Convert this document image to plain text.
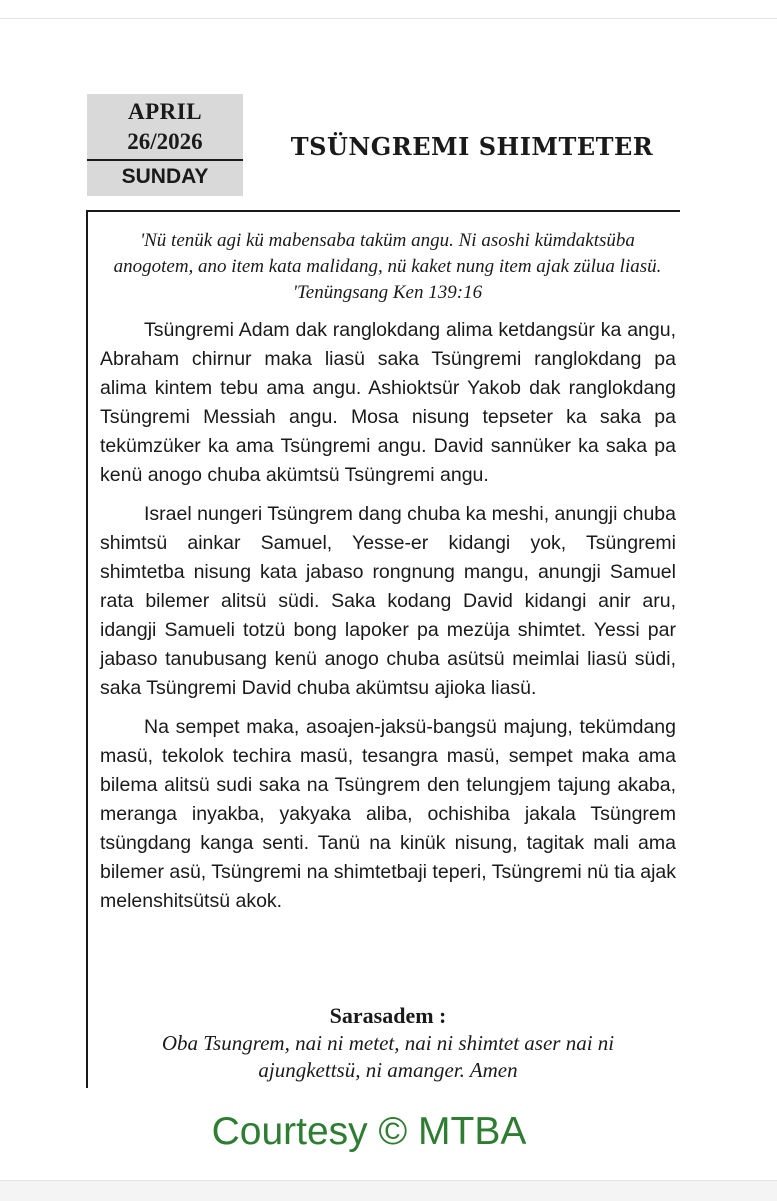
APRIL
26/2026
SUNDAY
TSÜNGREMI SHIMTETER
'Nü tenük agi kü mabensaba taküm angu. Ni asoshi kümdaktsüba anogotem, ano item kata malidang, nü kaket nung item ajak zülua liasü. 'Tenüngsang Ken 139:16

Tsüngremi Adam dak ranglokdang alima ketdangsür ka angu, Abraham chirnur maka liasü saka Tsüngremi ranglokdang pa alima kintem tebu ama angu. Ashioktsür Yakob dak ranglokdang Tsüngremi Messiah angu. Mosa nisung tepseter ka saka pa tekümzüker ka ama Tsüngremi angu. David sannüker ka saka pa kenü anogo chuba akümtsü Tsüngremi angu.

Israel nungeri Tsüngrem dang chuba ka meshi, anungji chuba shimtsü ainkar Samuel, Yesse-er kidangi yok, Tsüngremi shimtetba nisung kata jabaso rongnung mangu, anungji Samuel rata bilemer alitsü südi. Saka kodang David kidangi anir aru, idangji Samueli totzü bong lapoker pa mezüja shimtet. Yessi par jabaso tanubusang kenü anogo chuba asütsü meimlai liasü südi, saka Tsüngremi David chuba akümtsu ajioka liasü.

Na sempet maka, asoajen-jaksü-bangsü majung, tekümdang masü, tekolok techira masü, tesangra masü, sempet maka ama bilema alitsü sudi saka na Tsüngrem den telungjem tajung akaba, meranga inyakba, yakyaka aliba, ochishiba jakala Tsüngrem tsüngdang kanga senti. Tanü na kinük nisung, tagitak mali ama bilemer asü, Tsüngremi na shimtetbaji teperi, Tsüngremi nü tia ajak melenshitsütsü akok.

Sarasadem :
Oba Tsungrem, nai ni metet, nai ni shimtet aser nai ni ajungkettsü, ni amanger. Amen
Courtesy © MTBA
